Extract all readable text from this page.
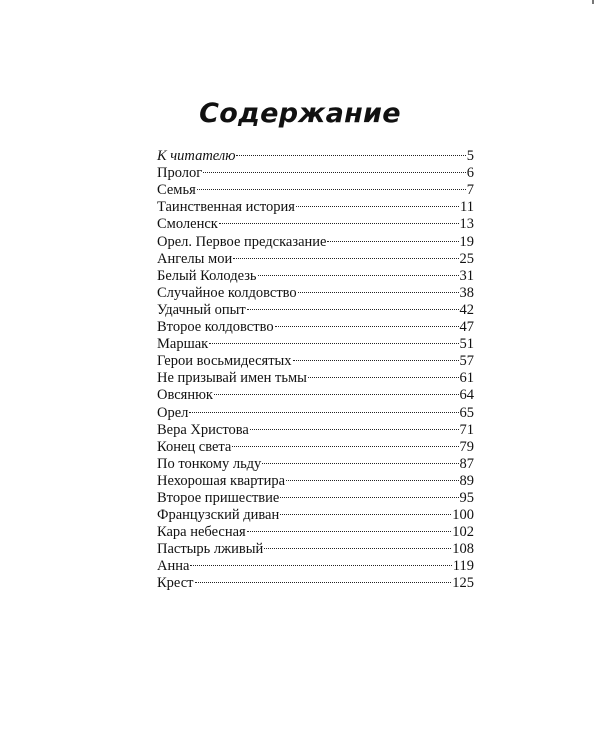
Содержание
К читателю	5
Пролог	6
Семья	7
Таинственная история	11
Смоленск	13
Орел. Первое предсказание	19
Ангелы мои	25
Белый Колодезь	31
Случайное колдовство	38
Удачный опыт	42
Второе колдовство	47
Маршак	51
Герои восьмидесятых	57
Не призывай имен тьмы	61
Овсянюк	64
Орел	65
Вера Христова	71
Конец света	79
По тонкому льду	87
Нехорошая квартира	89
Второе пришествие	95
Французский диван	100
Кара небесная	102
Пастырь лживый	108
Анна	119
Крест	125
